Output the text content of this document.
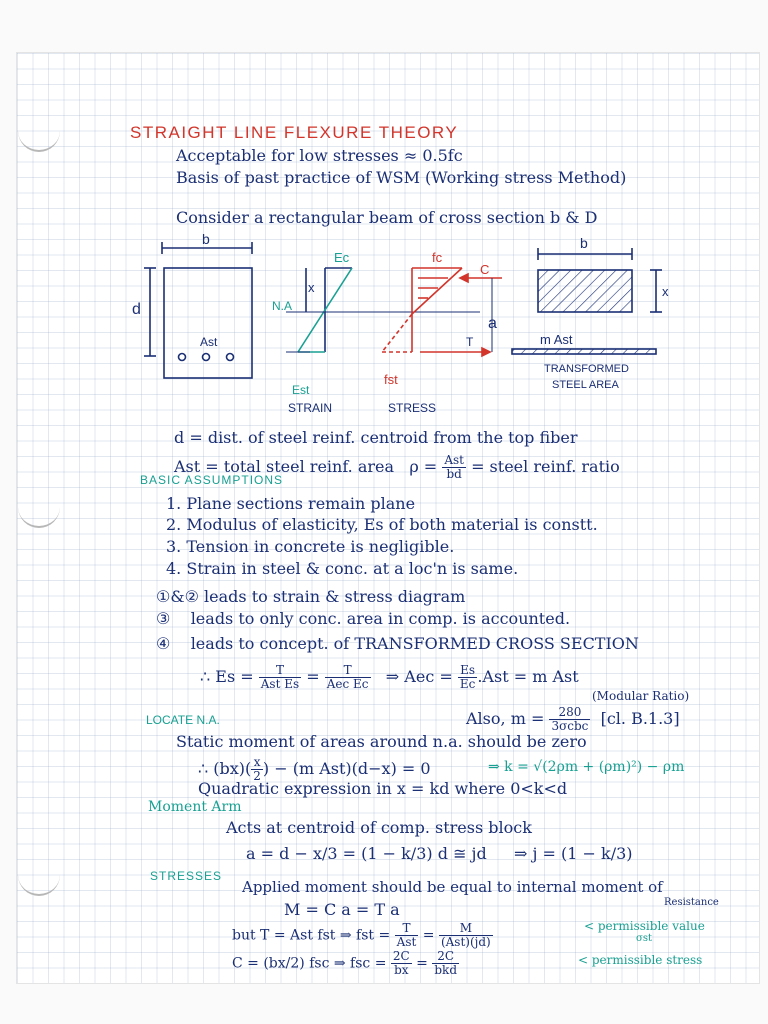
STRAIGHT LINE FLEXURE THEORY
Acceptable for low stresses ≈ 0.5fc
Basis of past practice of WSM (Working stress Method)
Consider a rectangular beam of cross section b & D
b
d
Ast
Ec
x
N.A
Est
STRAIN
fc
C
a
T
fst
STRESS
b
x
m Ast
TRANSFORMED
STEEL AREA
d = dist. of steel reinf. centroid from the top fiber
Ast = total steel reinf. area $\rho = \frac{\text{Ast}}{bd}$ = steel reinf. ratio
BASIC ASSUMPTIONS
1. Plane sections remain plane
2. Modulus of elasticity, Es of both material is constt.
3. Tension in concrete is negligible.
4. Strain in steel & conc. at a loc'n is same.
①&② leads to strain & stress diagram
③ leads to only conc. area in comp. is accounted.
④ leads to concept. of TRANSFORMED CROSS SECTION
∴ $Es = \frac{T}{\text{Ast Es}} = \frac{T}{\text{Aec Ec}}$ ⇒ Aec = $\frac{Es}{Ec} .Ast = m$ Ast
(Modular Ratio)
Also, $m = \frac{280}{\text{3σcbc}} [cl$. B.1.3]
LOCATE N.A.
Static moment of areas around n.a. should be zero
∴ $(bx)( \frac{x}{2}$ ) − (m Ast)(d−x) = 0	⇒ k = √(2ρm + (ρm)²) − ρm
Quadratic expression in x = kd where 0<k<d
Moment Arm
Acts at centroid of comp. stress block
a = d − x/3 = (1 − k/3) d ≅ jd ⇒ j = (1 − k/3)
STRESSES
Applied moment should be equal to internal moment of
Resistance
M = C a = T a
but T = Ast fst ⇒ fst = $\frac{T}{\text{Ast}} = \frac{M}{\text{(Ast)(jd)}}$	< permissible value
σst
C = (bx/2) fsc ⇒ fsc = $\frac{2C}{bx} = \frac{2C}{\text{bkd}}$	< permissible stress
